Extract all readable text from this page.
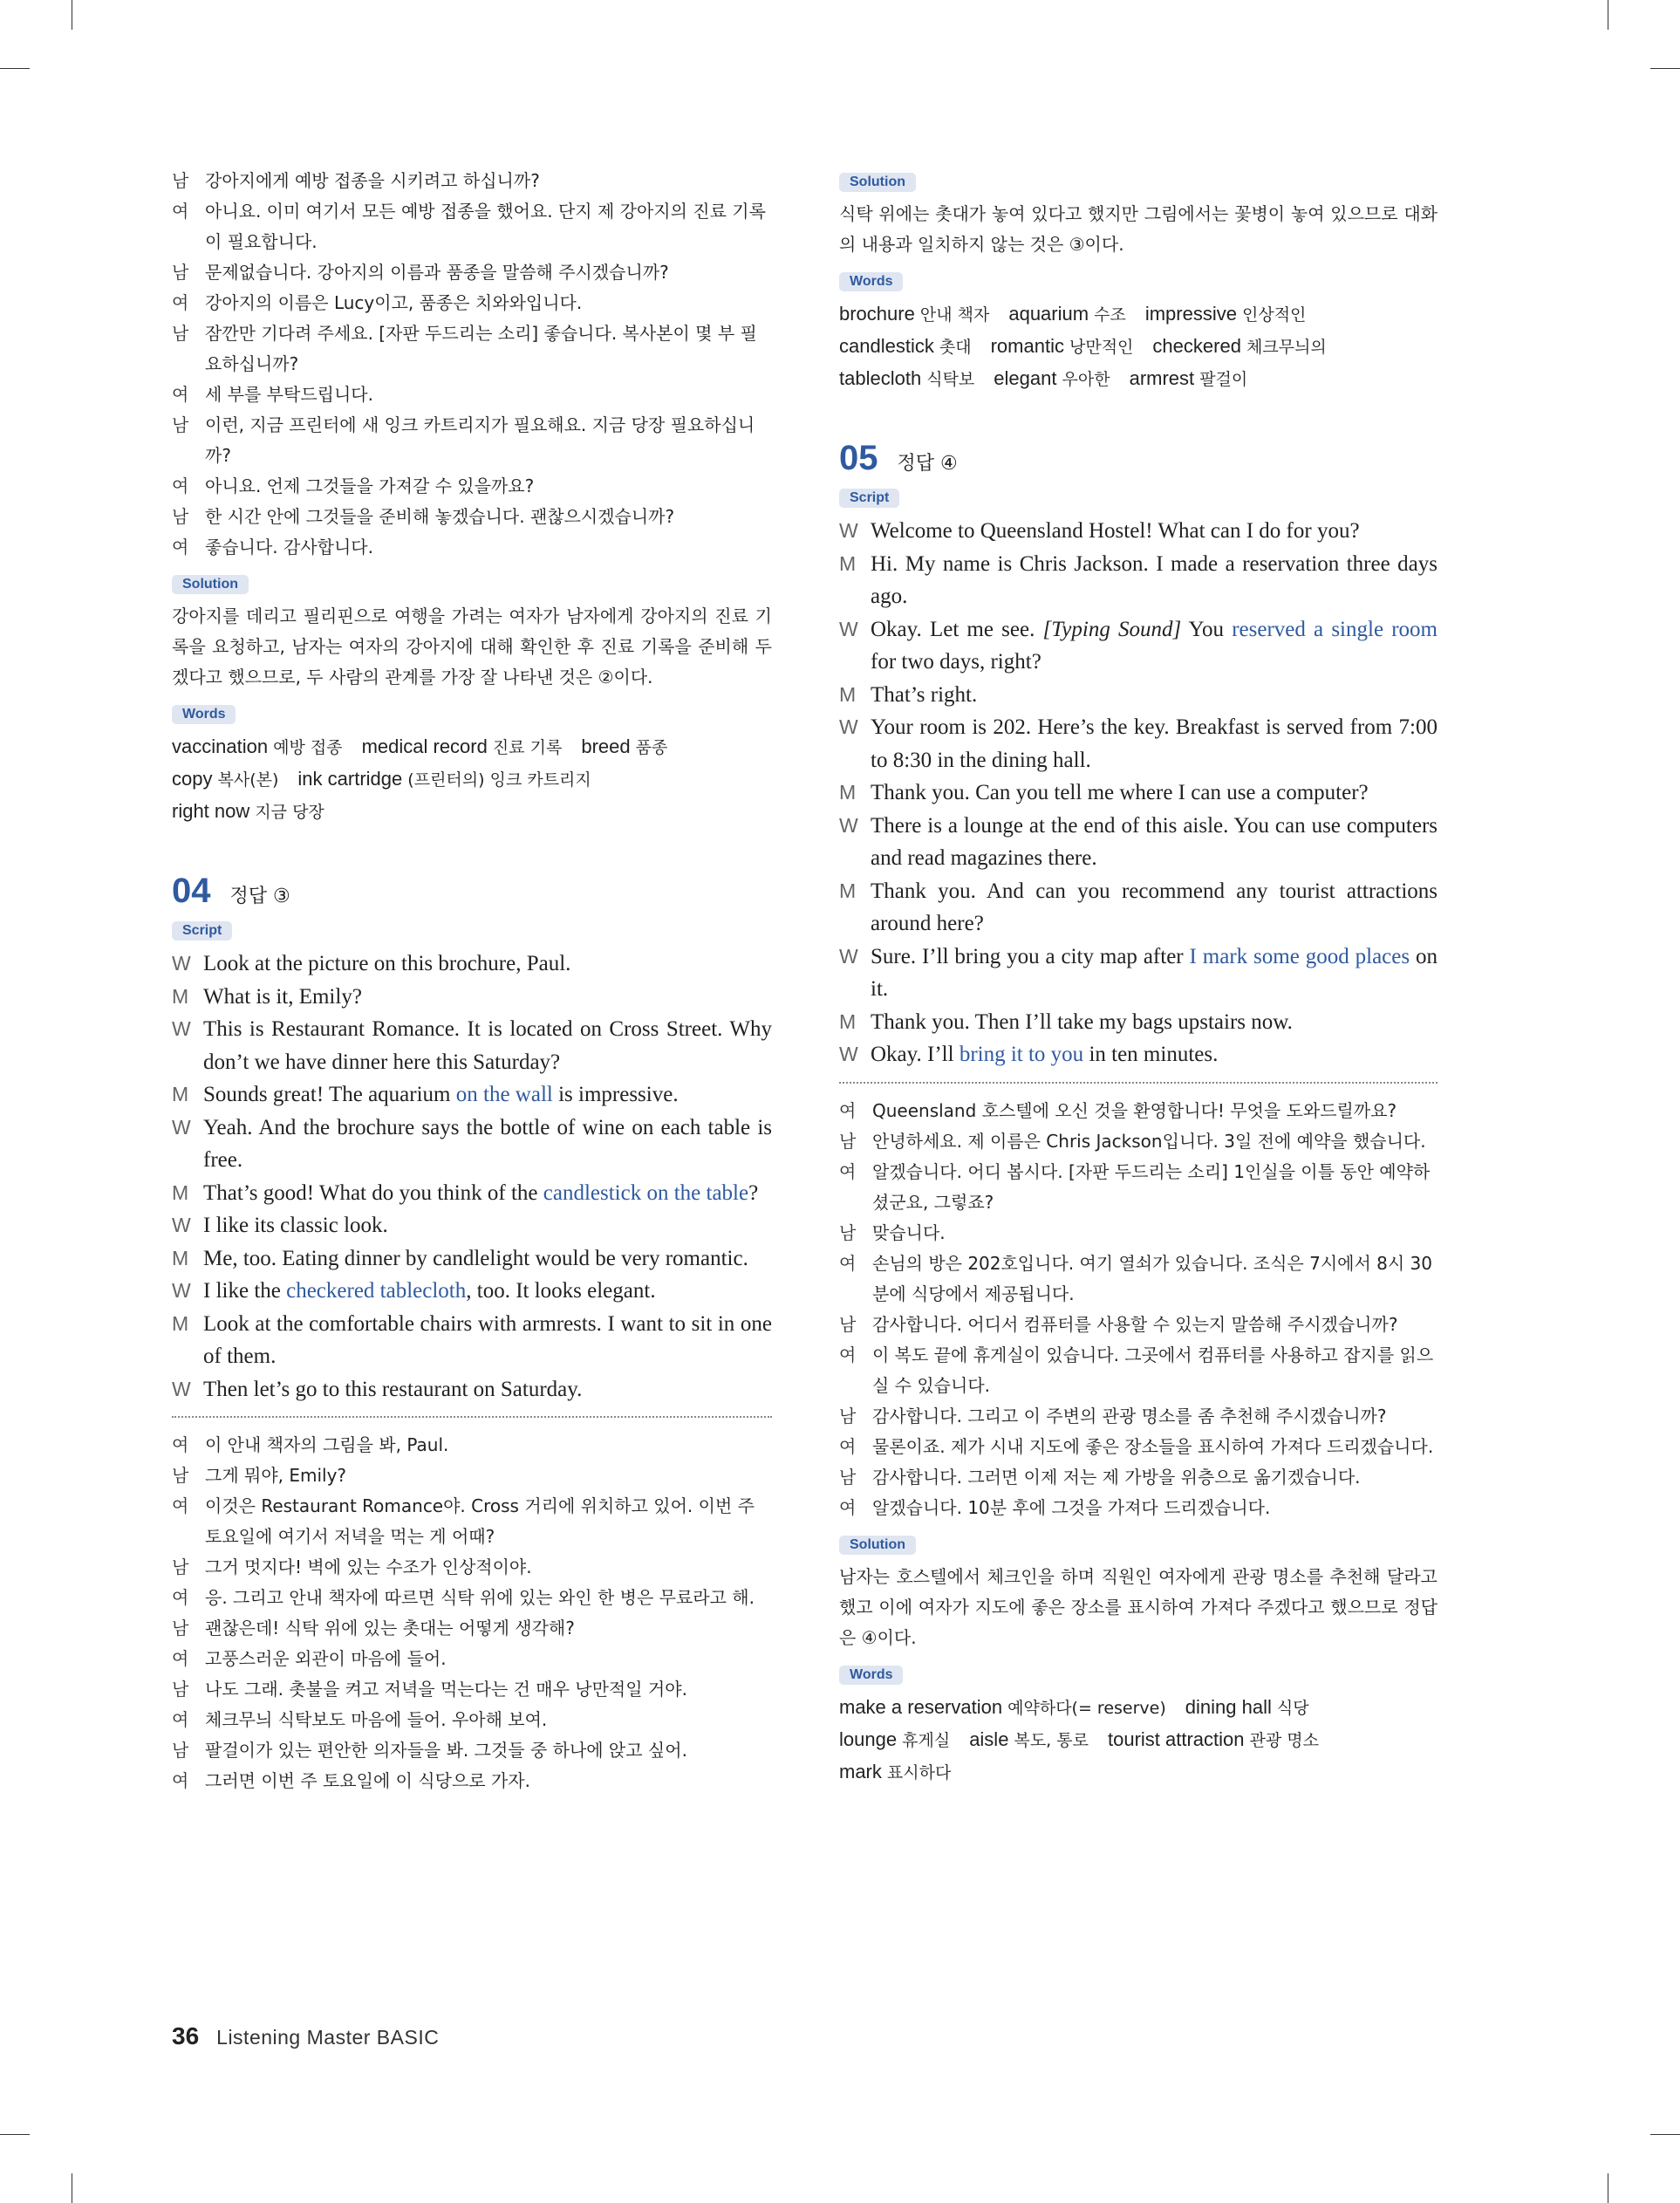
남 강아지에게 예방 접종을 시키려고 하십니까?
여 아니요. 이미 여기서 모든 예방 접종을 했어요. 단지 제 강아지의 진료 기록이 필요합니다.
남 문제없습니다. 강아지의 이름과 품종을 말씀해 주시겠습니까?
여 강아지의 이름은 Lucy이고, 품종은 치와와입니다.
남 잠깐만 기다려 주세요. [자판 두드리는 소리] 좋습니다. 복사본이 몇 부 필요하십니까?
여 세 부를 부탁드립니다.
남 이런, 지금 프린터에 새 잉크 카트리지가 필요해요. 지금 당장 필요하십니까?
여 아니요. 언제 그것들을 가져갈 수 있을까요?
남 한 시간 안에 그것들을 준비해 놓겠습니다. 괜찮으시겠습니까?
여 좋습니다. 감사합니다.
Solution
강아지를 데리고 필리핀으로 여행을 가려는 여자가 남자에게 강아지의 진료 기록을 요청하고, 남자는 여자의 강아지에 대해 확인한 후 진료 기록을 준비해 두겠다고 했으므로, 두 사람의 관계를 가장 잘 나타낸 것은 ②이다.
Words
vaccination 예방 접종  medical record 진료 기록  breed 품종
copy 복사(본)  ink cartridge (프린터의) 잉크 카트리지
right now 지금 당장
04 정답 ③
Script
W Look at the picture on this brochure, Paul.
M What is it, Emily?
W This is Restaurant Romance. It is located on Cross Street. Why don’t we have dinner here this Saturday?
M Sounds great! The aquarium on the wall is impressive.
W Yeah. And the brochure says the bottle of wine on each table is free.
M That’s good! What do you think of the candlestick on the table?
W I like its classic look.
M Me, too. Eating dinner by candlelight would be very romantic.
W I like the checkered tablecloth, too. It looks elegant.
M Look at the comfortable chairs with armrests. I want to sit in one of them.
W Then let’s go to this restaurant on Saturday.
여 이 안내 책자의 그림을 봐, Paul.
남 그게 뭐야, Emily?
여 이것은 Restaurant Romance야. Cross 거리에 위치하고 있어. 이번 주 토요일에 여기서 저녁을 먹는 게 어때?
남 그거 멋지다! 벽에 있는 수조가 인상적이야.
여 응. 그리고 안내 책자에 따르면 식탁 위에 있는 와인 한 병은 무료라고 해.
남 괜찮은데! 식탁 위에 있는 촛대는 어떻게 생각해?
여 고풍스러운 외관이 마음에 들어.
남 나도 그래. 촛불을 켜고 저녁을 먹는다는 건 매우 낭만적일 거야.
여 체크무늬 식탁보도 마음에 들어. 우아해 보여.
남 팔걸이가 있는 편안한 의자들을 봐. 그것들 중 하나에 앉고 싶어.
여 그러면 이번 주 토요일에 이 식당으로 가자.
Solution
식탁 위에는 촛대가 놓여 있다고 했지만 그림에서는 꽃병이 놓여 있으므로 대화의 내용과 일치하지 않는 것은 ③이다.
Words
brochure 안내 책자  aquarium 수조  impressive 인상적인
candlestick 촛대  romantic 낭만적인  checkered 체크무늬의
tablecloth 식탁보  elegant 우아한  armrest 팔걸이
05 정답 ④
Script
W Welcome to Queensland Hostel! What can I do for you?
M Hi. My name is Chris Jackson. I made a reservation three days ago.
W Okay. Let me see. [Typing Sound] You reserved a single room for two days, right?
M That’s right.
W Your room is 202. Here’s the key. Breakfast is served from 7:00 to 8:30 in the dining hall.
M Thank you. Can you tell me where I can use a computer?
W There is a lounge at the end of this aisle. You can use computers and read magazines there.
M Thank you. And can you recommend any tourist attractions around here?
W Sure. I’ll bring you a city map after I mark some good places on it.
M Thank you. Then I’ll take my bags upstairs now.
W Okay. I’ll bring it to you in ten minutes.
여 Queensland 호스텔에 오신 것을 환영합니다! 무엇을 도와드릴까요?
남 안녕하세요. 제 이름은 Chris Jackson입니다. 3일 전에 예약을 했습니다.
여 알겠습니다. 어디 봅시다. [자판 두드리는 소리] 1인실을 이틀 동안 예약하셨군요, 그렇죠?
남 맞습니다.
여 손님의 방은 202호입니다. 여기 열쇠가 있습니다. 조식은 7시에서 8시 30분에 식당에서 제공됩니다.
남 감사합니다. 어디서 컴퓨터를 사용할 수 있는지 말씀해 주시겠습니까?
여 이 복도 끝에 휴게실이 있습니다. 그곳에서 컴퓨터를 사용하고 잡지를 읽으실 수 있습니다.
남 감사합니다. 그리고 이 주변의 관광 명소를 좀 추천해 주시겠습니까?
여 물론이죠. 제가 시내 지도에 좋은 장소들을 표시하여 가져다 드리겠습니다.
남 감사합니다. 그러면 이제 저는 제 가방을 위층으로 옮기겠습니다.
여 알겠습니다. 10분 후에 그것을 가져다 드리겠습니다.
Solution
남자는 호스텔에서 체크인을 하며 직원인 여자에게 관광 명소를 추천해 달라고 했고 이에 여자가 지도에 좋은 장소를 표시하여 가져다 주겠다고 했으므로 정답은 ④이다.
Words
make a reservation 예약하다(= reserve)  dining hall 식당
lounge 휴게실  aisle 복도, 통로  tourist attraction 관광 명소
mark 표시하다
36 Listening Master BASIC
